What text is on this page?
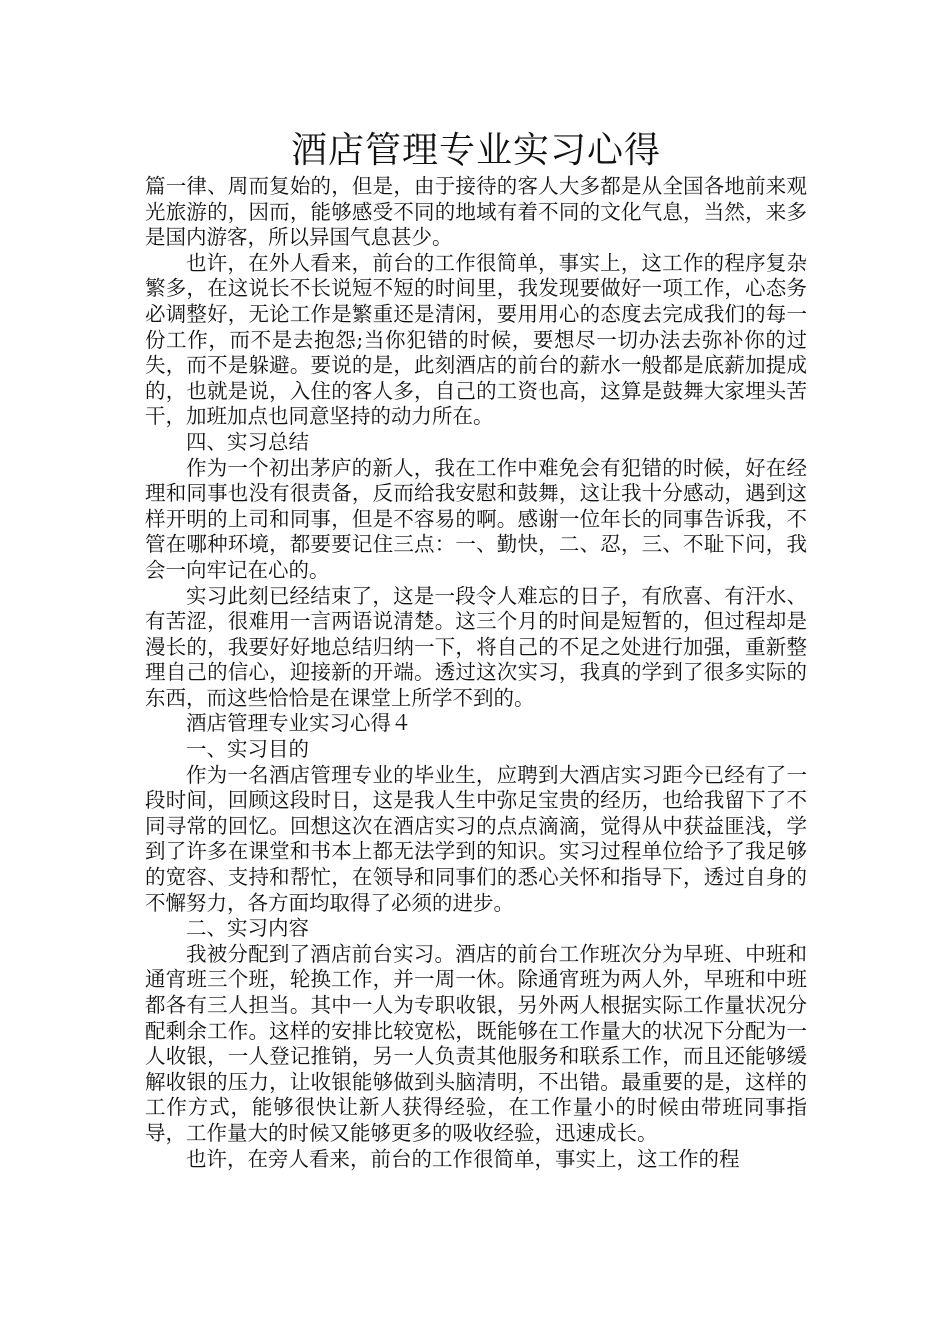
酒店管理专业实习心得

篇一律、周而复始的，但是，由于接待的客人大多都是从全国各地前来观光旅游的，因而，能够感受不同的地域有着不同的文化气息，当然，来多是国内游客，所以异国气息甚少。

也许，在外人看来，前台的工作很简单，事实上，这工作的程序复杂繁多，在这说长不长说短不短的时间里，我发现要做好一项工作，心态务必调整好，无论工作是繁重还是清闲，要用用心的态度去完成我们的每一份工作，而不是去抱怨;当你犯错的时候，要想尽一切办法去弥补你的过失，而不是躲避。要说的是，此刻酒店的前台的薪水一般都是底薪加提成的，也就是说，入住的客人多，自己的工资也高，这算是鼓舞大家埋头苦干，加班加点也同意坚持的动力所在。

四、实习总结

作为一个初出茅庐的新人，我在工作中难免会有犯错的时候，好在经理和同事也没有很责备，反而给我安慰和鼓舞，这让我十分感动，遇到这样开明的上司和同事，但是不容易的啊。感谢一位年长的同事告诉我，不管在哪种环境，都要要记住三点：一、勤快，二、忍，三、不耻下问，我会一向牢记在心的。

实习此刻已经结束了，这是一段令人难忘的日子，有欣喜、有汗水、有苦涩，很难用一言两语说清楚。这三个月的时间是短暂的，但过程却是漫长的，我要好好地总结归纳一下，将自己的不足之处进行加强，重新整理自己的信心，迎接新的开端。透过这次实习，我真的学到了很多实际的东西，而这些恰恰是在课堂上所学不到的。

酒店管理专业实习心得４

一、实习目的

作为一名酒店管理专业的毕业生，应聘到大酒店实习距今已经有了一段时间，回顾这段时日，这是我人生中弥足宝贵的经历，也给我留下了不同寻常的回忆。回想这次在酒店实习的点点滴滴，觉得从中获益匪浅，学到了许多在课堂和书本上都无法学到的知识。实习过程单位给予了我足够的宽容、支持和帮忙，在领导和同事们的悉心关怀和指导下，透过自身的不懈努力，各方面均取得了必须的进步。

二、实习内容

我被分配到了酒店前台实习。酒店的前台工作班次分为早班、中班和通宵班三个班，轮换工作，并一周一休。除通宵班为两人外，早班和中班都各有三人担当。其中一人为专职收银，另外两人根据实际工作量状况分配剩余工作。这样的安排比较宽松，既能够在工作量大的状况下分配为一人收银，一人登记推销，另一人负责其他服务和联系工作，而且还能够缓解收银的压力，让收银能够做到头脑清明，不出错。最重要的是，这样的工作方式，能够很快让新人获得经验，在工作量小的时候由带班同事指导，工作量大的时候又能够更多的吸收经验，迅速成长。

也许，在旁人看来，前台的工作很简单，事实上，这工作的程
